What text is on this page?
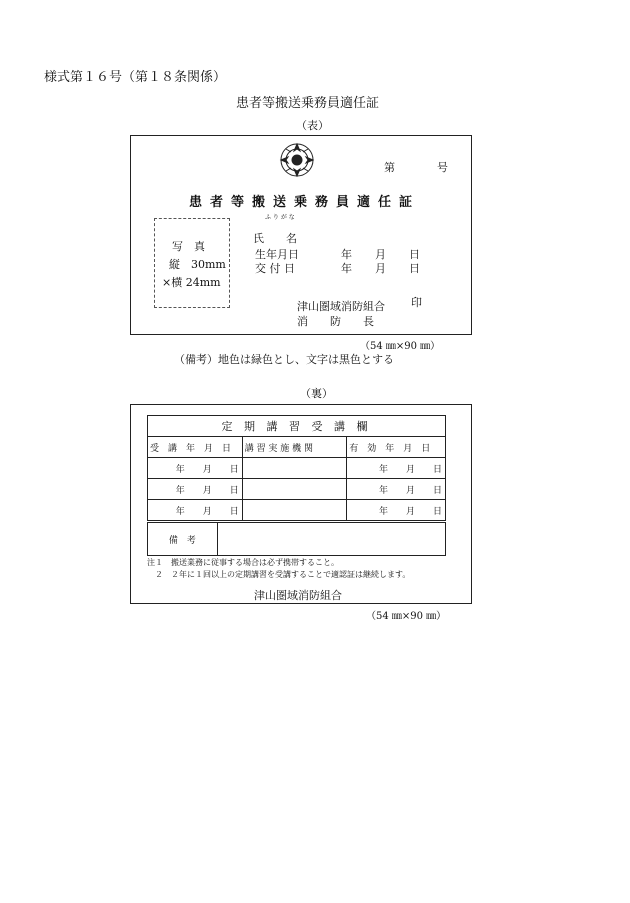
様式第１６号（第１８条関係）
患者等搬送乗務員適任証
（表）
第	号
患者等搬送乗務員適任証
ふ り が な
写　真
縦　30mm
×横 24mm
氏　　名
生年月日	年 月 日
交 付 日	年 月 日
津山圏域消防組合 印
消　　防　　長
（54 ㎜×90 ㎜）
（備考）地色は緑色とし、文字は黒色とする
（裏）
定 期 講 習 受 講 欄		
受　講　年　月　日	講 習 実 施 機 関	有　効　年　月　日
年　　月　　日		年　　月　　日
年　　月　　日		年　　月　　日
年　　月　　日		年　　月　　日
備　考	
注１　搬送業務に従事する場合は必ず携帯すること。
　２　２年に１回以上の定期講習を受講することで適認証は継続します。
津山圏域消防組合
（54 ㎜×90 ㎜）
